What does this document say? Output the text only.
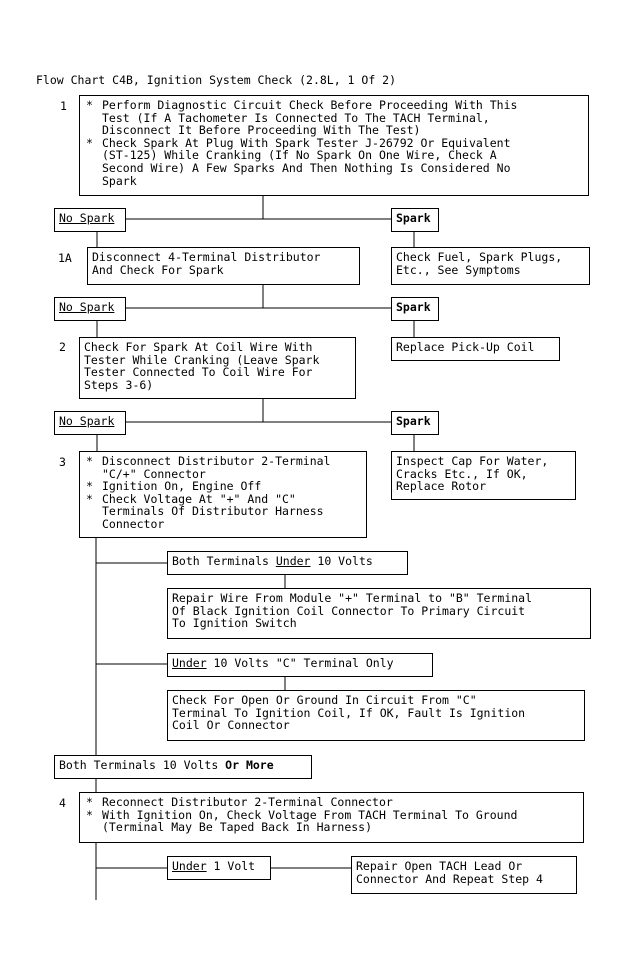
Flow Chart C4B, Ignition System Check (2.8L, 1 Of 2)
1	* Perform Diagnostic Circuit Check Before Proceeding With This
Test (If A Tachometer Is Connected To The TACH Terminal,
Disconnect It Before Proceeding With The Test)
* Check Spark At Plug With Spark Tester J-26792 Or Equivalent
(ST-125) While Cranking (If No Spark On One Wire, Check A
Second Wire) A Few Sparks And Then Nothing Is Considered No
Spark
No Spark	Spark
1A	Disconnect 4-Terminal Distributor
And Check For Spark
Check Fuel, Spark Plugs,
Etc., See Symptoms
No Spark	Spark
2	Check For Spark At Coil Wire With
Tester While Cranking (Leave Spark
Tester Connected To Coil Wire For
Steps 3-6)
Replace Pick-Up Coil
No Spark	Spark
3	* Disconnect Distributor 2-Terminal
"C/+" Connector
* Ignition On, Engine Off
* Check Voltage At "+" And "C"
Terminals Of Distributor Harness
Connector
Inspect Cap For Water,
Cracks Etc., If OK,
Replace Rotor
Both Terminals Under 10 Volts
Repair Wire From Module "+" Terminal to "B" Terminal
Of Black Ignition Coil Connector To Primary Circuit
To Ignition Switch
Under 10 Volts "C" Terminal Only
Check For Open Or Ground In Circuit From "C"
Terminal To Ignition Coil, If OK, Fault Is Ignition
Coil Or Connector
Both Terminals 10 Volts Or More
4	* Reconnect Distributor 2-Terminal Connector
* With Ignition On, Check Voltage From TACH Terminal To Ground
(Terminal May Be Taped Back In Harness)
Under 1 Volt	Repair Open TACH Lead Or
Connector And Repeat Step 4
